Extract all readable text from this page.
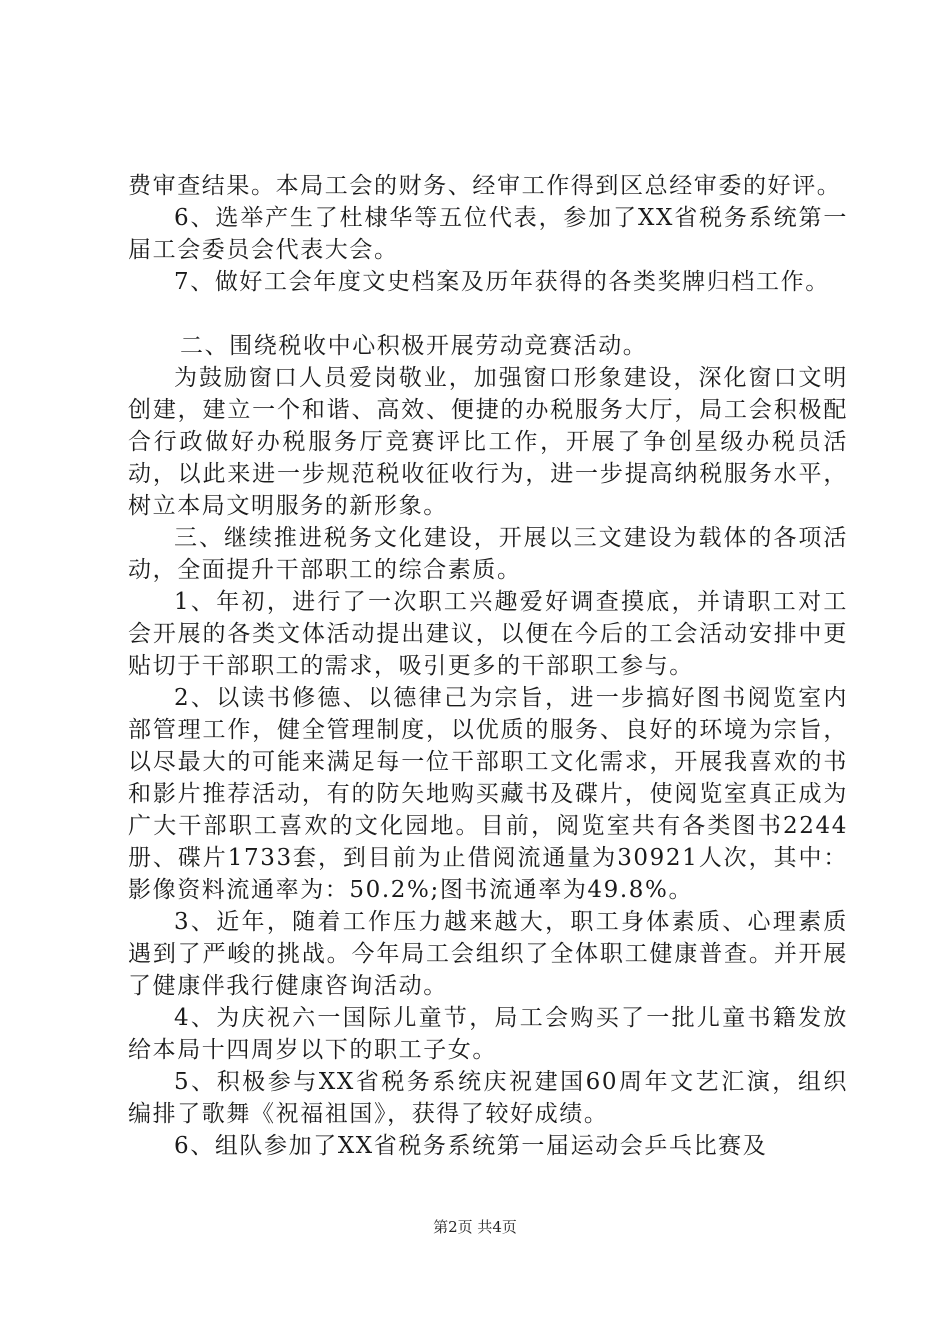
费审查结果。本局工会的财务、经审工作得到区总经审委的好评。

6、选举产生了杜棣华等五位代表，参加了XX省税务系统第一届工会委员会代表大会。

7、做好工会年度文史档案及历年获得的各类奖牌归档工作。

二、围绕税收中心积极开展劳动竞赛活动。

为鼓励窗口人员爱岗敬业，加强窗口形象建设，深化窗口文明创建，建立一个和谐、高效、便捷的办税服务大厅，局工会积极配合行政做好办税服务厅竞赛评比工作，开展了争创星级办税员活动，以此来进一步规范税收征收行为，进一步提高纳税服务水平，树立本局文明服务的新形象。

三、继续推进税务文化建设，开展以三文建设为载体的各项活动，全面提升干部职工的综合素质。

1、年初，进行了一次职工兴趣爱好调查摸底，并请职工对工会开展的各类文体活动提出建议，以便在今后的工会活动安排中更贴切于干部职工的需求，吸引更多的干部职工参与。

2、以读书修德、以德律己为宗旨，进一步搞好图书阅览室内部管理工作，健全管理制度，以优质的服务、良好的环境为宗旨，以尽最大的可能来满足每一位干部职工文化需求，开展我喜欢的书和影片推荐活动，有的防矢地购买藏书及碟片，使阅览室真正成为广大干部职工喜欢的文化园地。目前，阅览室共有各类图书2244册、碟片1733套，到目前为止借阅流通量为30921人次，其中：影像资料流通率为：50.2%;图书流通率为49.8%。

3、近年，随着工作压力越来越大，职工身体素质、心理素质遇到了严峻的挑战。今年局工会组织了全体职工健康普查。并开展了健康伴我行健康咨询活动。

4、为庆祝六一国际儿童节，局工会购买了一批儿童书籍发放给本局十四周岁以下的职工子女。

5、积极参与XX省税务系统庆祝建国60周年文艺汇演，组织编排了歌舞《祝福祖国》，获得了较好成绩。

6、组队参加了XX省税务系统第一届运动会乒乓比赛及

第2页 共4页
